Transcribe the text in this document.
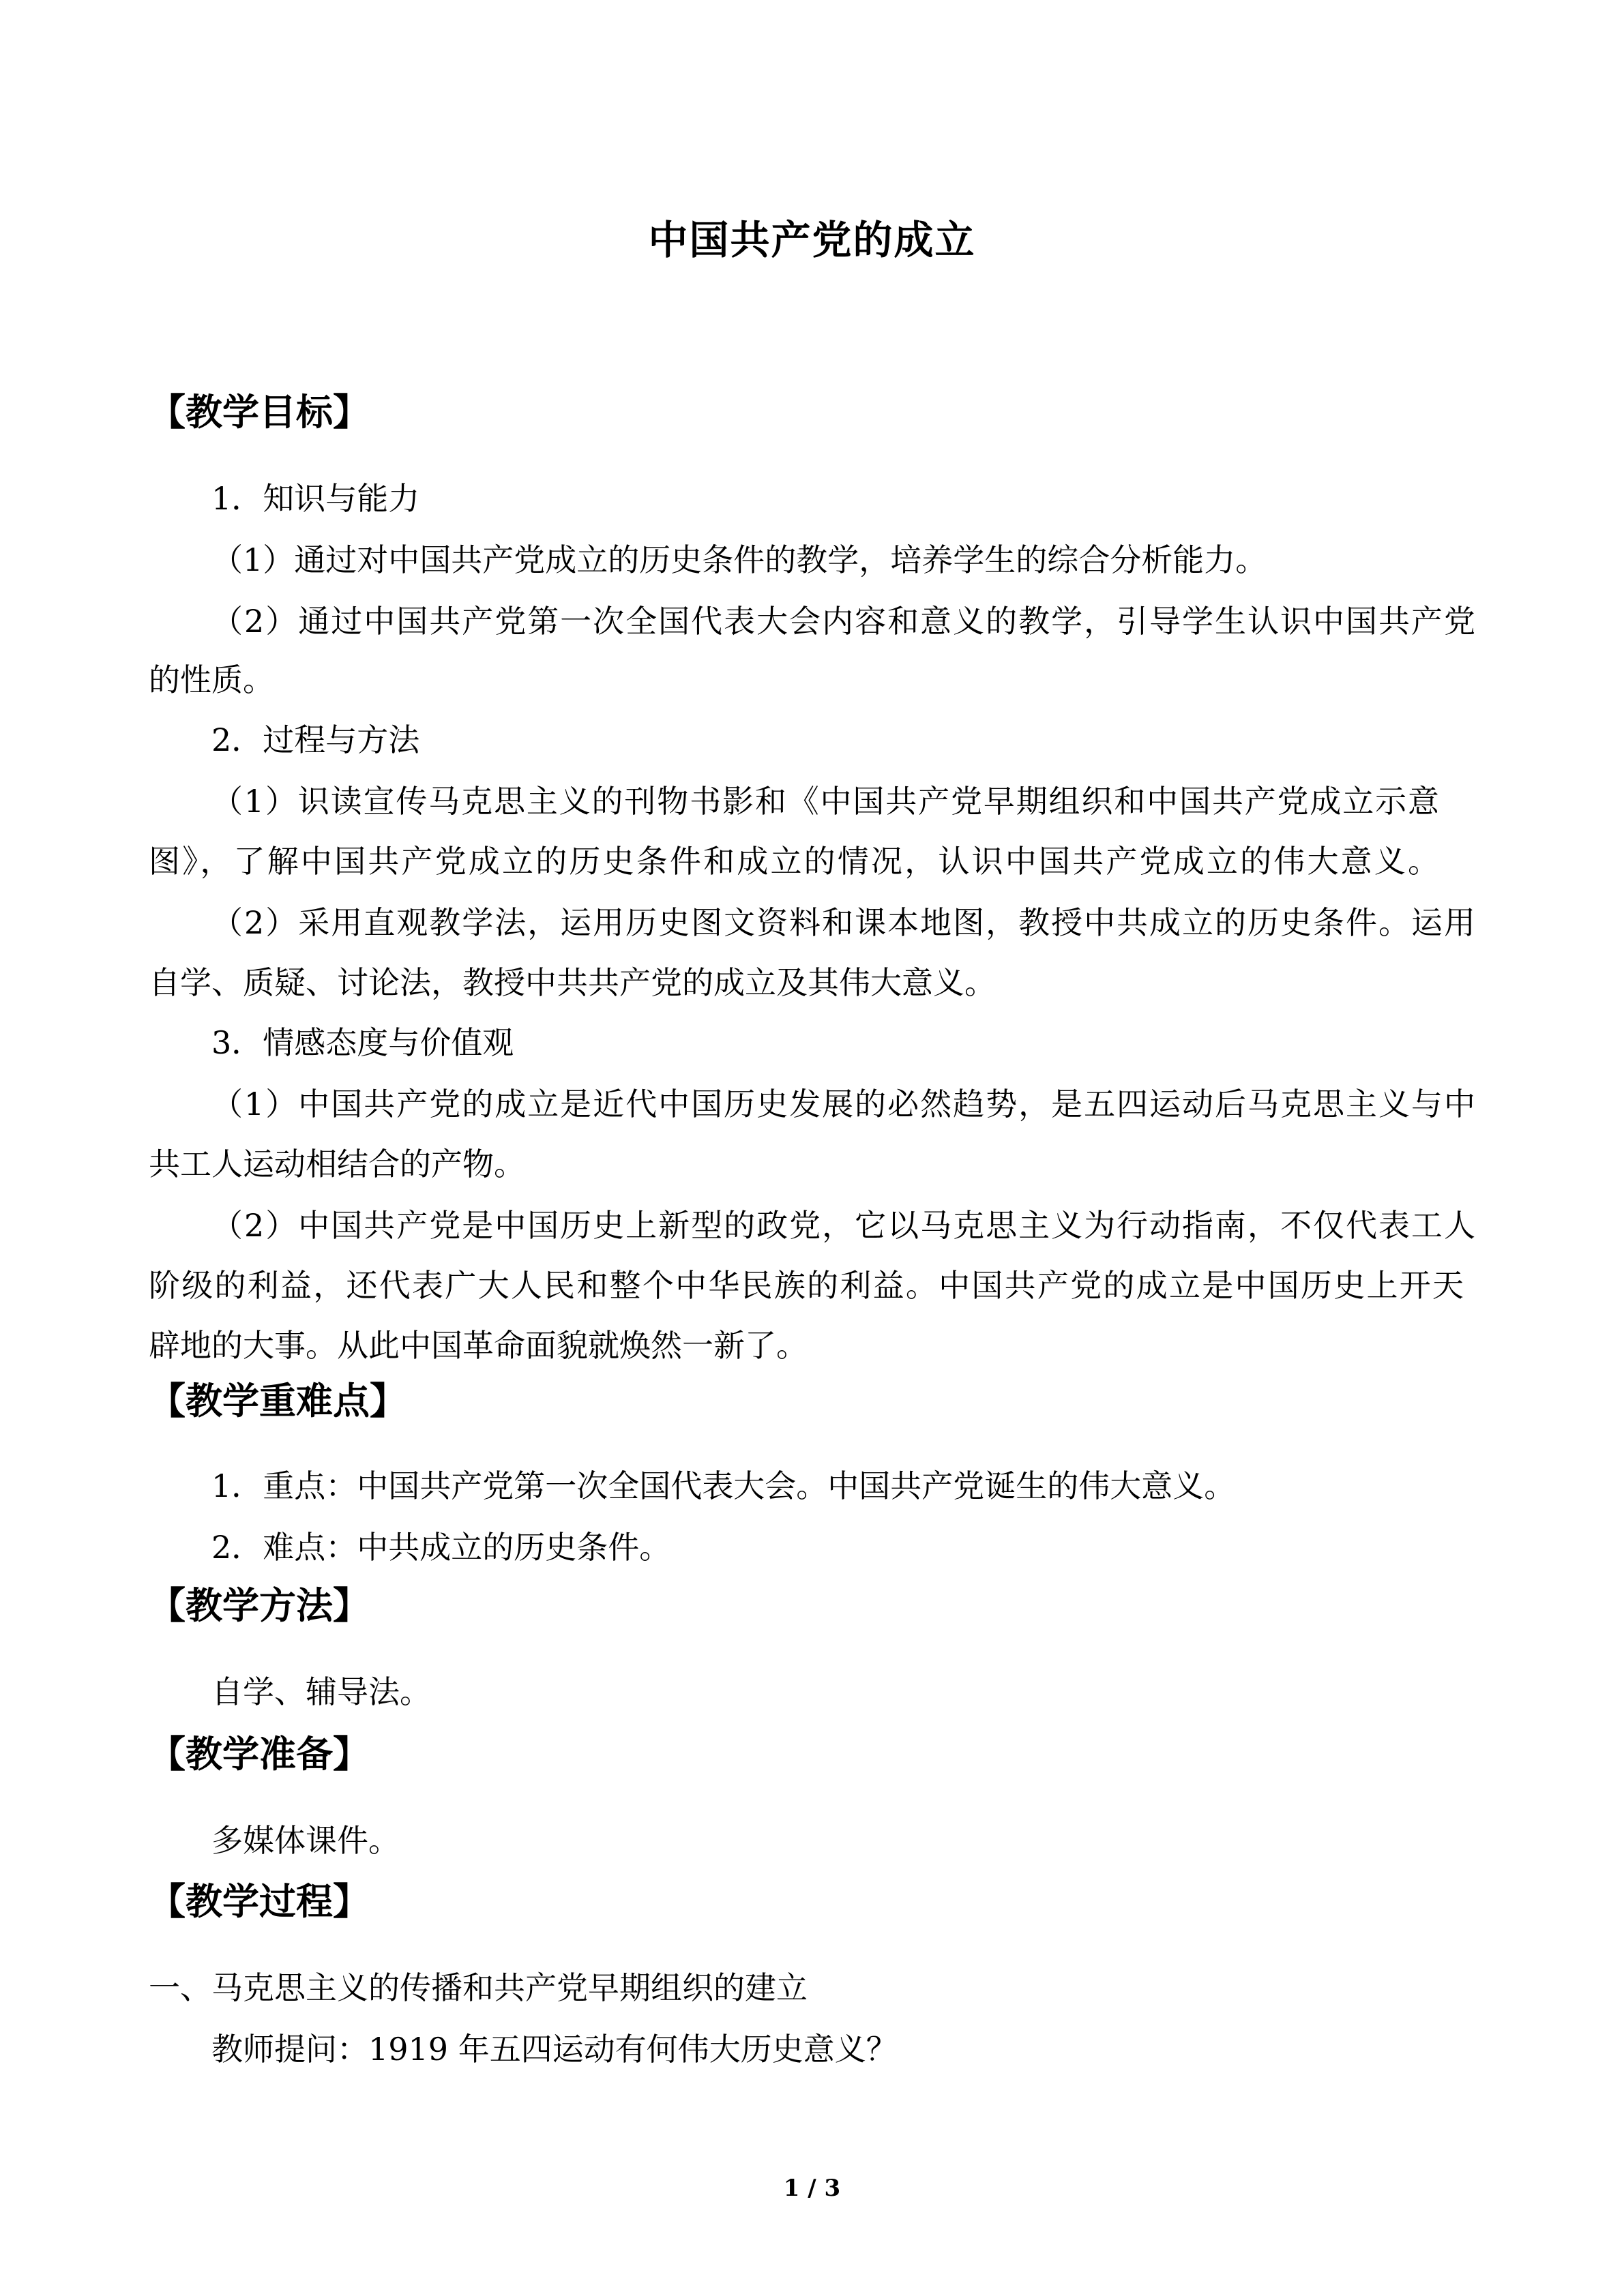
中国共产党的成立
【教学目标】
1．知识与能力
（1）通过对中国共产党成立的历史条件的教学，培养学生的综合分析能力。
（2）通过中国共产党第一次全国代表大会内容和意义的教学，引导学生认识中国共产党
的性质。
2．过程与方法
（1）识读宣传马克思主义的刊物书影和《中国共产党早期组织和中国共产党成立示意
图》，了解中国共产党成立的历史条件和成立的情况，认识中国共产党成立的伟大意义。
（2）采用直观教学法，运用历史图文资料和课本地图，教授中共成立的历史条件。运用
自学、质疑、讨论法，教授中共共产党的成立及其伟大意义。
3．情感态度与价值观
（1）中国共产党的成立是近代中国历史发展的必然趋势，是五四运动后马克思主义与中
共工人运动相结合的产物。
（2）中国共产党是中国历史上新型的政党，它以马克思主义为行动指南，不仅代表工人
阶级的利益，还代表广大人民和整个中华民族的利益。中国共产党的成立是中国历史上开天
辟地的大事。从此中国革命面貌就焕然一新了。
【教学重难点】
1．重点：中国共产党第一次全国代表大会。中国共产党诞生的伟大意义。
2．难点：中共成立的历史条件。
【教学方法】
自学、辅导法。
【教学准备】
多媒体课件。
【教学过程】
一、马克思主义的传播和共产党早期组织的建立
教师提问：1919 年五四运动有何伟大历史意义？
1 / 3
